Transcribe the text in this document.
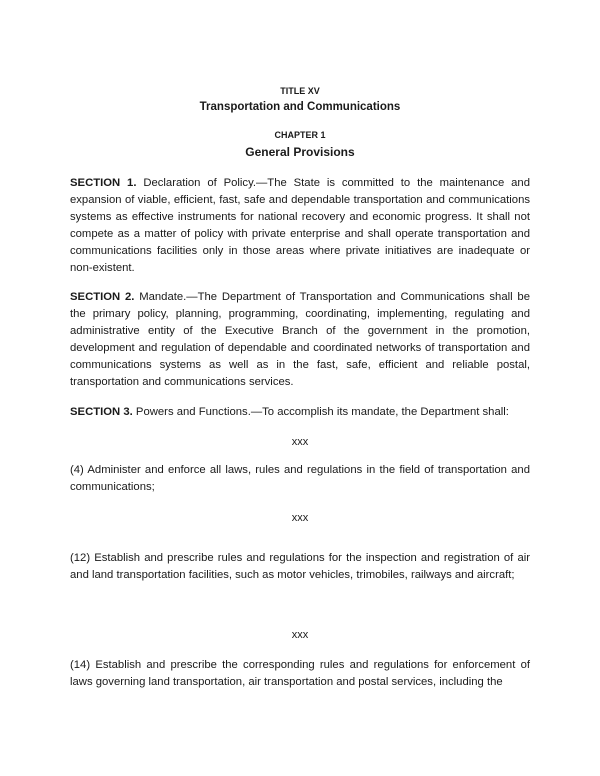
TITLE XV
Transportation and Communications
CHAPTER 1
General Provisions
SECTION 1. Declaration of Policy.—The State is committed to the maintenance and expansion of viable, efficient, fast, safe and dependable transportation and communications systems as effective instruments for national recovery and economic progress. It shall not compete as a matter of policy with private enterprise and shall operate transportation and communications facilities only in those areas where private initiatives are inadequate or non-existent.
SECTION 2. Mandate.—The Department of Transportation and Communications shall be the primary policy, planning, programming, coordinating, implementing, regulating and administrative entity of the Executive Branch of the government in the promotion, development and regulation of dependable and coordinated networks of transportation and communications systems as well as in the fast, safe, efficient and reliable postal, transportation and communications services.
SECTION 3. Powers and Functions.—To accomplish its mandate, the Department shall:
xxx
(4) Administer and enforce all laws, rules and regulations in the field of transportation and communications;
xxx
(12) Establish and prescribe rules and regulations for the inspection and registration of air and land transportation facilities, such as motor vehicles, trimobiles, railways and aircraft;
xxx
(14) Establish and prescribe the corresponding rules and regulations for enforcement of laws governing land transportation, air transportation and postal services, including the
